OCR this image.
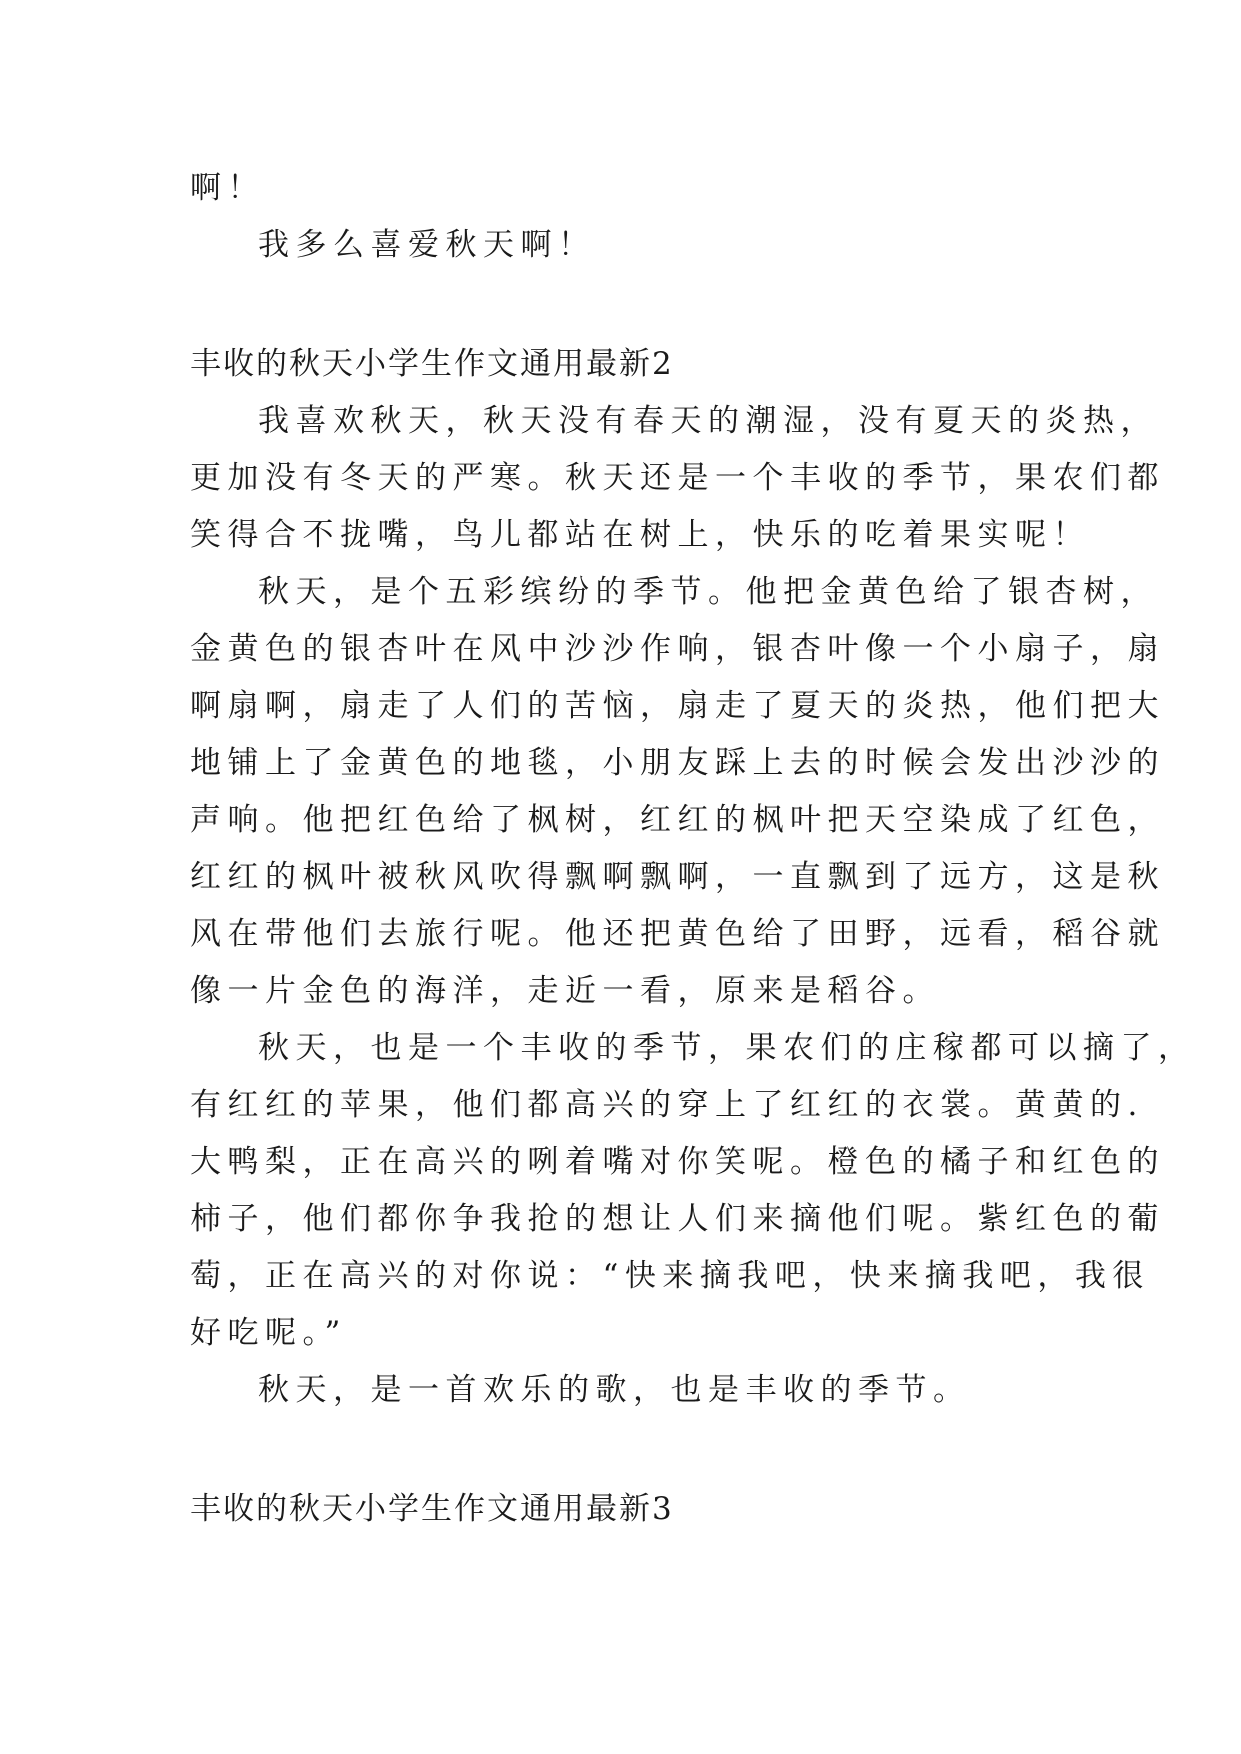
啊！
我多么喜爱秋天啊！
丰收的秋天小学生作文通用最新2
我喜欢秋天，秋天没有春天的潮湿，没有夏天的炎热，
更加没有冬天的严寒。秋天还是一个丰收的季节，果农们都
笑得合不拢嘴，鸟儿都站在树上，快乐的吃着果实呢！
秋天，是个五彩缤纷的季节。他把金黄色给了银杏树，
金黄色的银杏叶在风中沙沙作响，银杏叶像一个小扇子，扇
啊扇啊，扇走了人们的苦恼，扇走了夏天的炎热，他们把大
地铺上了金黄色的地毯，小朋友踩上去的时候会发出沙沙的
声响。他把红色给了枫树，红红的枫叶把天空染成了红色，
红红的枫叶被秋风吹得飘啊飘啊，一直飘到了远方，这是秋
风在带他们去旅行呢。他还把黄色给了田野，远看，稻谷就
像一片金色的海洋，走近一看，原来是稻谷。
秋天，也是一个丰收的季节，果农们的庄稼都可以摘了，
有红红的苹果，他们都高兴的穿上了红红的衣裳。黄黄的.
大鸭梨，正在高兴的咧着嘴对你笑呢。橙色的橘子和红色的
柿子，他们都你争我抢的想让人们来摘他们呢。紫红色的葡
萄，正在高兴的对你说：“快来摘我吧，快来摘我吧，我很
好吃呢。”
秋天，是一首欢乐的歌，也是丰收的季节。
丰收的秋天小学生作文通用最新3
